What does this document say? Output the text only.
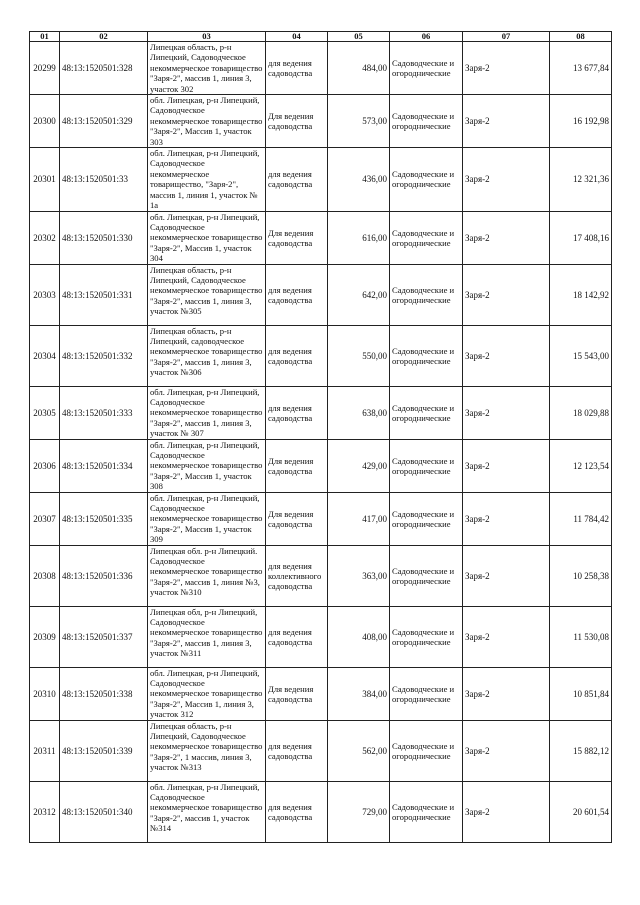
01	02	03	04	05	06	07	08
20299	48:13:1520501:328	Липецкая область, р-н Липецкий, Садоводческое некоммерческое товарищество "Заря-2", массив 1, линия 3, участок 302	для ведения садоводства	484,00	Садоводческие и огороднические	Заря-2	13 677,84
20300	48:13:1520501:329	обл. Липецкая, р-н Липецкий, Садоводческое некоммерческое товарищество "Заря-2", Массив 1, участок 303	Для ведения садоводства	573,00	Садоводческие и огороднические	Заря-2	16 192,98
20301	48:13:1520501:33	обл. Липецкая, р-н Липецкий, Садоводческое некоммерческое товарищество, "Заря-2", массив 1, линия 1, участок № 1а	для ведения садоводства	436,00	Садоводческие и огороднические	Заря-2	12 321,36
20302	48:13:1520501:330	обл. Липецкая, р-н Липецкий, Садоводческое некоммерческое товарищество "Заря-2", Массив 1, участок 304	Для ведения садоводства	616,00	Садоводческие и огороднические	Заря-2	17 408,16
20303	48:13:1520501:331	Липецкая область, р-н Липецкий, Садоводческое некоммерческое товарищество "Заря-2", массив 1, линия 3, участок №305	для ведения садоводства	642,00	Садоводческие и огороднические	Заря-2	18 142,92
20304	48:13:1520501:332	Липецкая область, р-н Липецкий, садоводческое некоммерческое товарищество "Заря-2", массив 1, линия 3, участок №306	для ведения садоводства	550,00	Садоводческие и огороднические	Заря-2	15 543,00
20305	48:13:1520501:333	обл. Липецкая, р-н Липецкий, Садоводческое некоммерческое товарищество "Заря-2", массив 1, линия 3, участок № 307	для ведения садоводства	638,00	Садоводческие и огороднические	Заря-2	18 029,88
20306	48:13:1520501:334	обл. Липецкая, р-н Липецкий, Садоводческое некоммерческое товарищество "Заря-2", Массив 1, участок 308	Для ведения садоводства	429,00	Садоводческие и огороднические	Заря-2	12 123,54
20307	48:13:1520501:335	обл. Липецкая, р-н Липецкий, Садоводческое некоммерческое товарищество "Заря-2", Массив 1, участок 309	Для ведения садоводства	417,00	Садоводческие и огороднические	Заря-2	11 784,42
20308	48:13:1520501:336	Липецкая обл. р-н Липецкий. Садоводческое некоммерческое товарищество "Заря-2", массив 1, линия №3, участок №310	для ведения коллективного садоводства	363,00	Садоводческие и огороднические	Заря-2	10 258,38
20309	48:13:1520501:337	Липецкая обл, р-н Липецкий, Садоводческое некоммерческое товарищество "Заря-2", массив 1, линия 3, участок №311	для ведения садоводства	408,00	Садоводческие и огороднические	Заря-2	11 530,08
20310	48:13:1520501:338	обл. Липецкая, р-н Липецкий, Садоводческое некоммерческое товарищество "Заря-2", Массив 1, линия 3, участок 312	Для ведения садоводства	384,00	Садоводческие и огороднические	Заря-2	10 851,84
20311	48:13:1520501:339	Липецкая область, р-н Липецкий, Садоводческое некоммерческое товарищество "Заря-2", 1 массив, линия 3, участок №313	для ведения садоводства	562,00	Садоводческие и огороднические	Заря-2	15 882,12
20312	48:13:1520501:340	обл. Липецкая, р-н Липецкий, Садоводческое некоммерческое товарищество "Заря-2", массив 1, участок №314	для ведения садоводства	729,00	Садоводческие и огороднические	Заря-2	20 601,54
